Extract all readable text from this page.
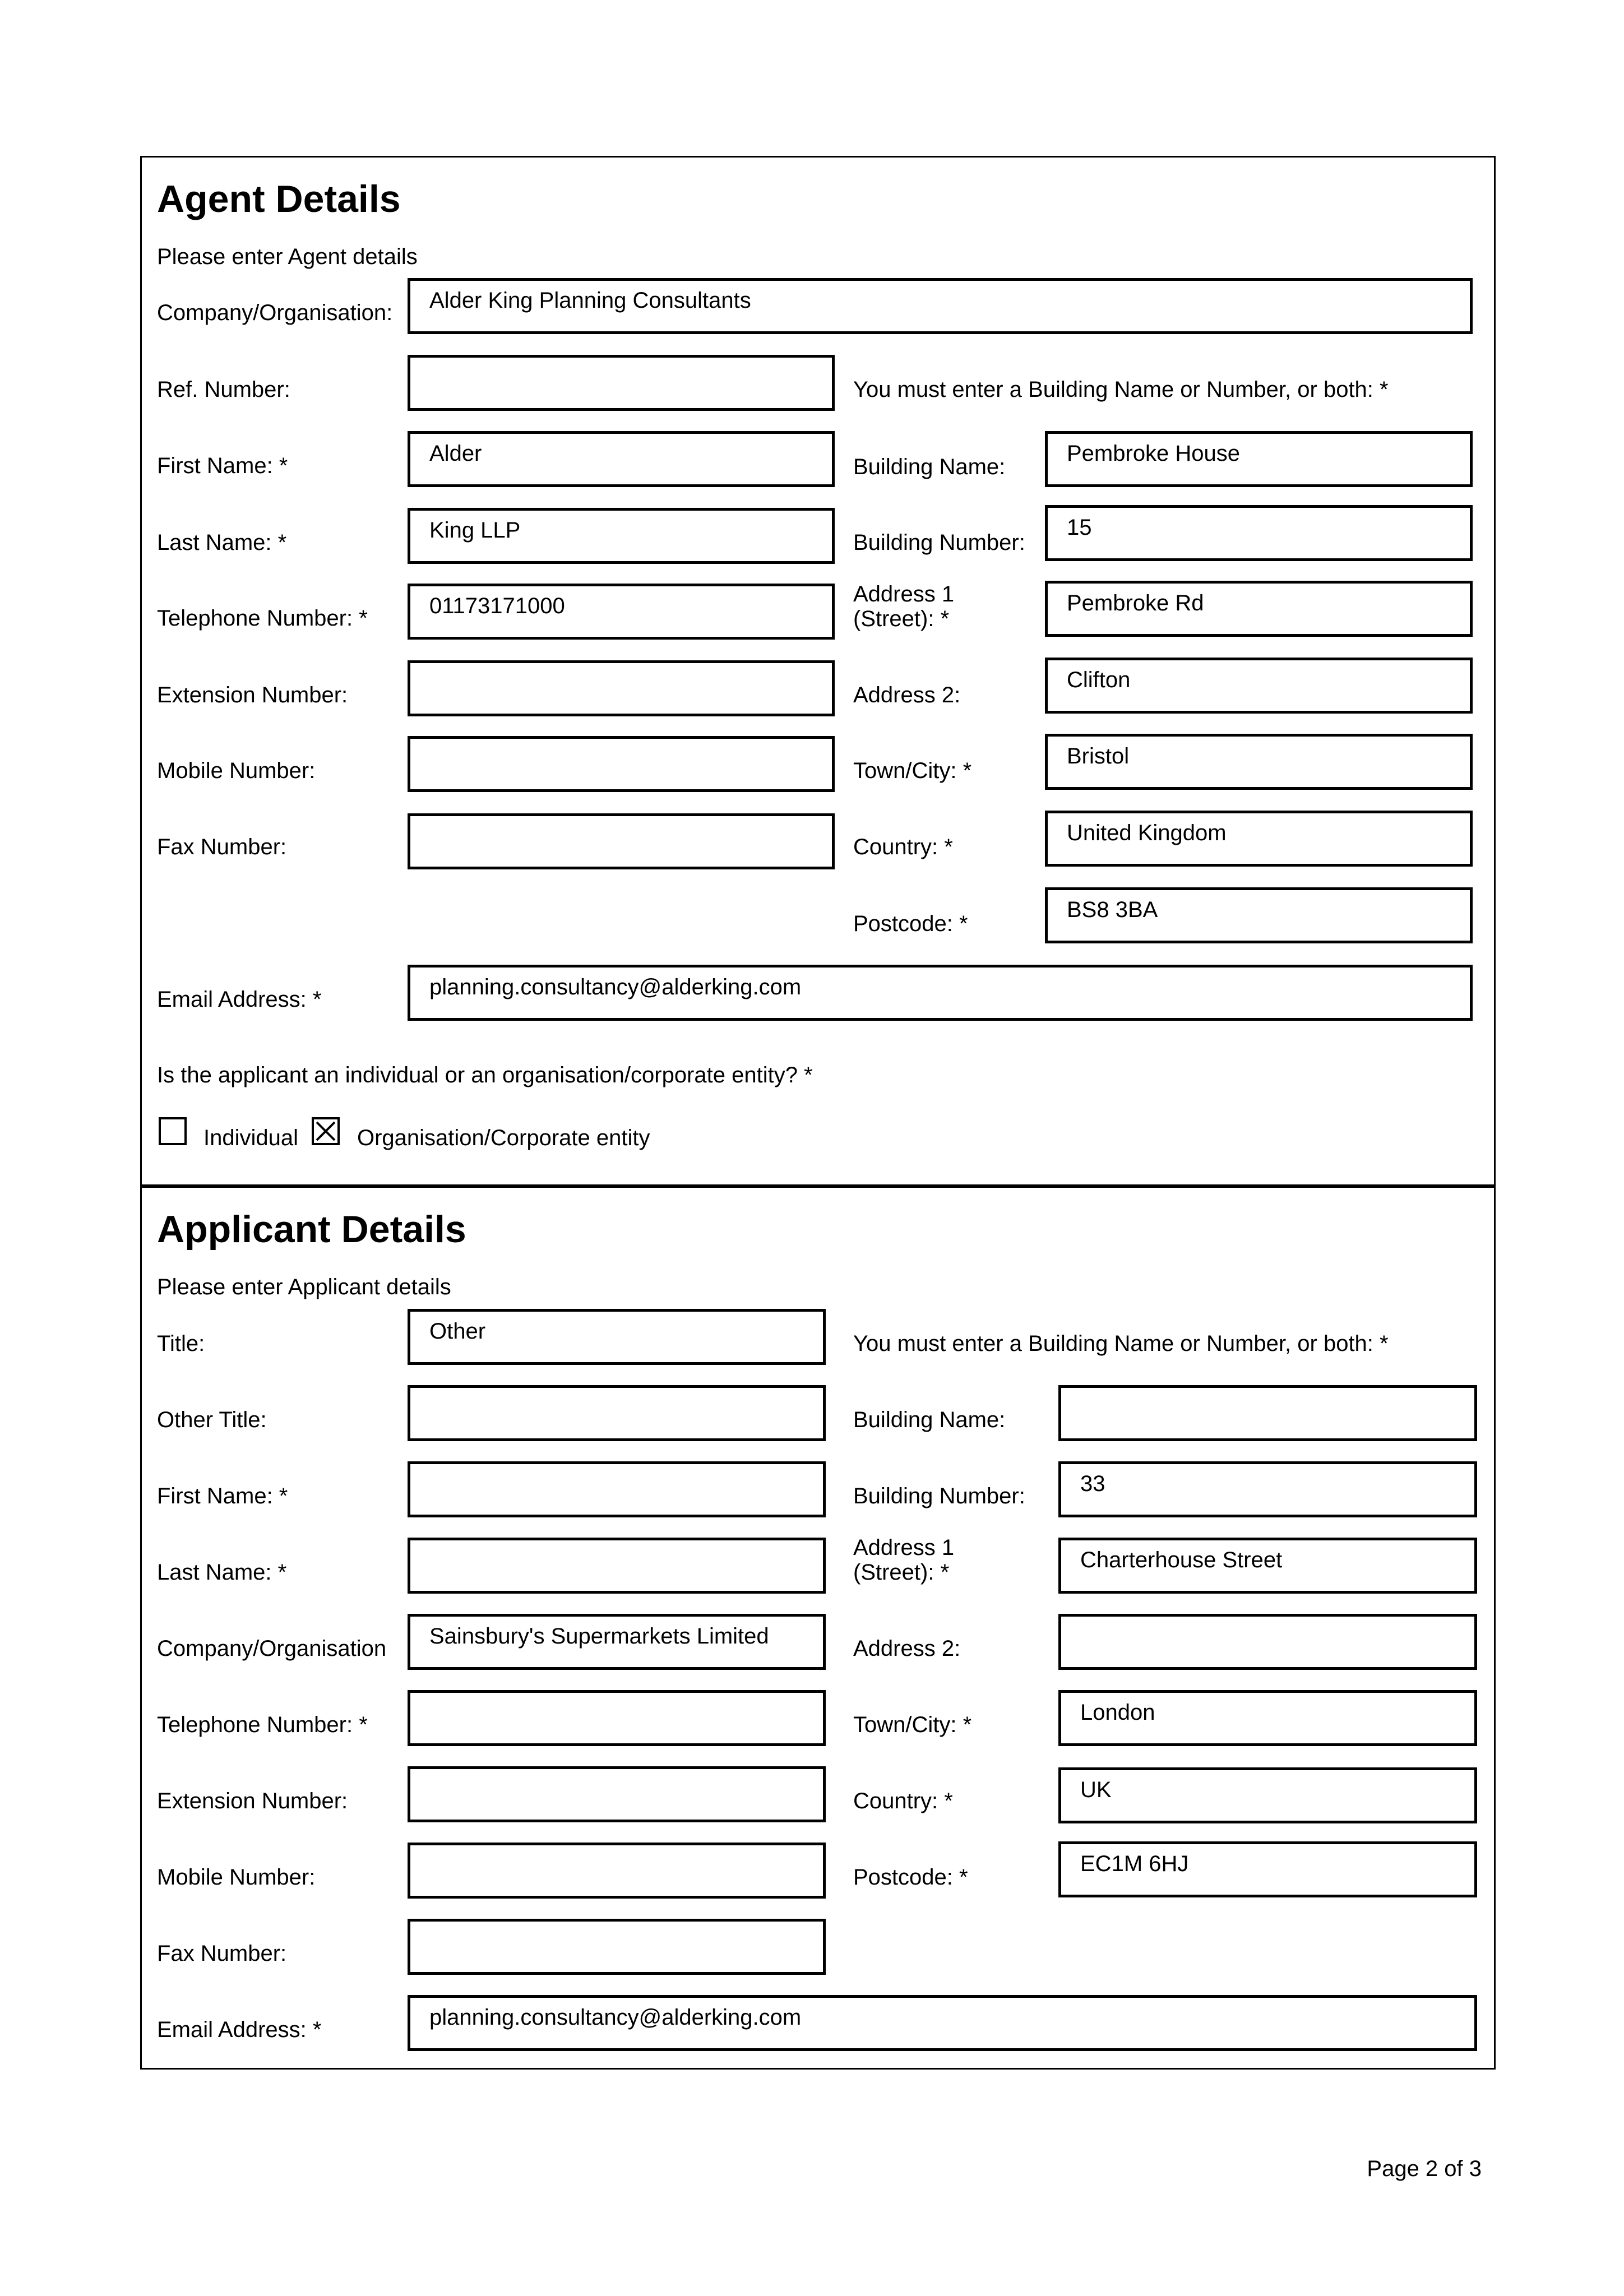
Agent Details
Please enter Agent details
Company/Organisation:
Ref. Number:
First Name: *
Last Name: *
Telephone Number: *
Extension Number:
Mobile Number:
Fax Number:
Email Address: *
Alder King Planning Consultants
Alder
King LLP
01173171000
planning.consultancy@alderking.com
You must enter a Building Name or Number, or both: *
Building Name:
Building Number:
Address 1
(Street): *
Address 2:
Town/City: *
Country: *
Postcode: *
Pembroke House
15
Pembroke Rd
Clifton
Bristol
United Kingdom
BS8 3BA
Is the applicant an individual or an organisation/corporate entity? *
Individual	Organisation/Corporate entity
Applicant Details
Please enter Applicant details
Title:
Other Title:
First Name: *
Last Name: *
Company/Organisation
Telephone Number: *
Extension Number:
Mobile Number:
Fax Number:
Email Address: *
Other
Sainsbury's Supermarkets Limited
planning.consultancy@alderking.com
You must enter a Building Name or Number, or both: *
Building Name:
Building Number:
Address 1
(Street): *
Address 2:
Town/City: *
Country: *
Postcode: *
33
Charterhouse Street
London
UK
EC1M 6HJ
Page 2 of 3
